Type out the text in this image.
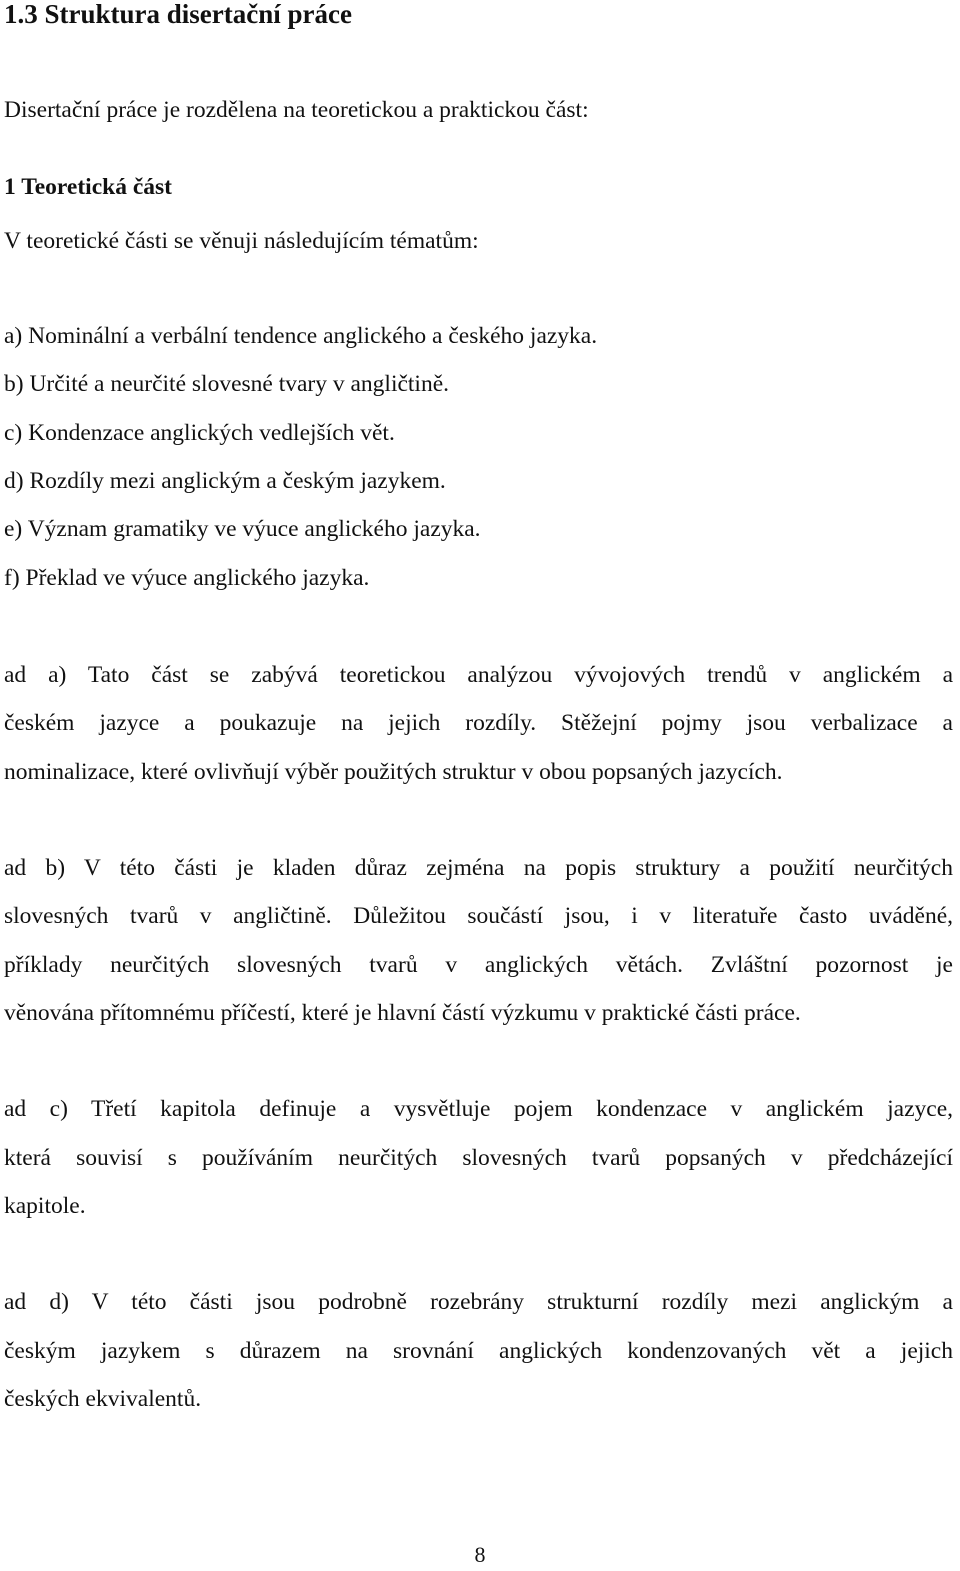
1.3 Struktura disertační práce
Disertační práce je rozdělena na teoretickou a praktickou část:
1 Teoretická část
V teoretické části se věnuji následujícím tématům:
a) Nominální a verbální tendence anglického a českého jazyka.
b) Určité a neurčité slovesné tvary v angličtině.
c) Kondenzace anglických vedlejších vět.
d) Rozdíly mezi anglickým a českým jazykem.
e) Význam gramatiky ve výuce anglického jazyka.
f) Překlad ve výuce anglického jazyka.
ad a) Tato část se zabývá teoretickou analýzou vývojových trendů v anglickém a
českém jazyce a poukazuje na jejich rozdíly. Stěžejní pojmy jsou verbalizace a
nominalizace, které ovlivňují výběr použitých struktur v obou popsaných jazycích.
ad b) V této části je kladen důraz zejména na popis struktury a použití neurčitých
slovesných tvarů v angličtině. Důležitou součástí jsou, i v literatuře často uváděné,
příklady neurčitých slovesných tvarů v anglických větách. Zvláštní pozornost je
věnována přítomnému příčestí, které je hlavní částí výzkumu v praktické části práce.
ad c) Třetí kapitola definuje a vysvětluje pojem kondenzace v anglickém jazyce,
která souvisí s používáním neurčitých slovesných tvarů popsaných v předcházející
kapitole.
ad d) V této části jsou podrobně rozebrány strukturní rozdíly mezi anglickým a
českým jazykem s důrazem na srovnání anglických kondenzovaných vět a jejich
českých ekvivalentů.
8
